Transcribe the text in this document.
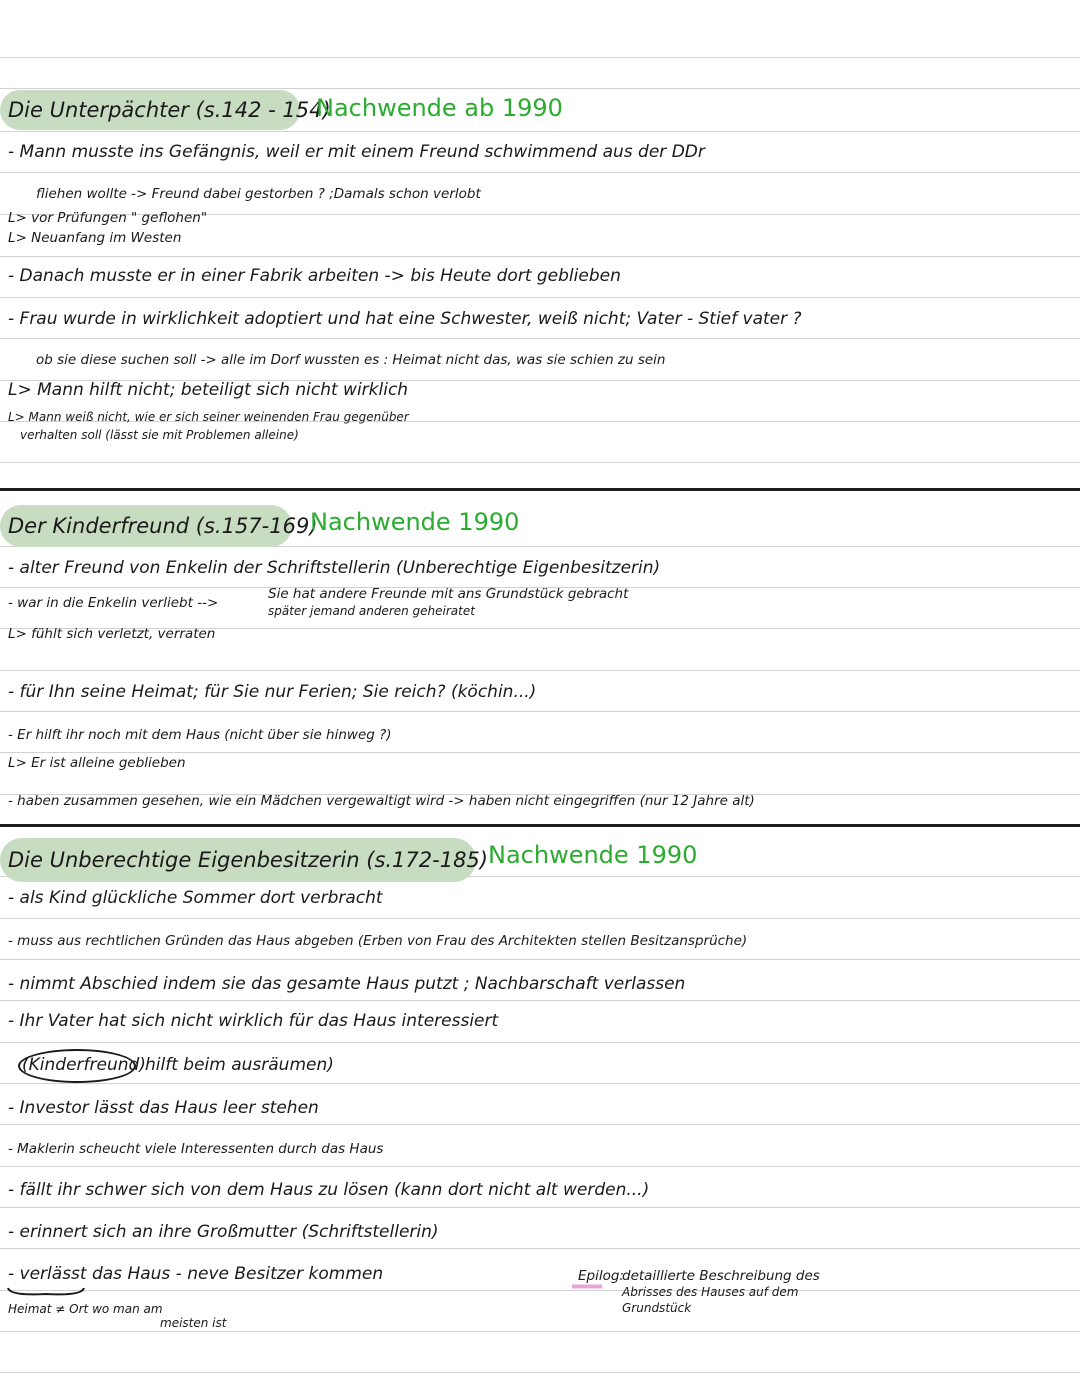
Die Unterpächter (s.142 - 154)
Nachwende ab 1990
- Mann musste ins Gefängnis, weil er mit einem Freund schwimmend aus der DDr
fliehen wollte -> Freund dabei gestorben ? ;Damals schon verlobt
L> vor Prüfungen " geflohen"
L> Neuanfang im Westen
- Danach musste er in einer Fabrik arbeiten -> bis Heute dort geblieben
- Frau wurde in wirklichkeit adoptiert und hat eine Schwester, weiß nicht; Vater - Stief vater ?
ob sie diese suchen soll -> alle im Dorf wussten es : Heimat nicht das, was sie schien zu sein
L> Mann hilft nicht; beteiligt sich nicht wirklich
L> Mann weiß nicht, wie er sich seiner weinenden Frau gegenüber
verhalten soll (lässt sie mit Problemen alleine)
Der Kinderfreund (s.157-169)
Nachwende 1990
- alter Freund von Enkelin der Schriftstellerin (Unberechtige Eigenbesitzerin)
- war in die Enkelin verliebt -->
Sie hat andere Freunde mit ans Grundstück gebracht
später jemand anderen geheiratet
L> fühlt sich verletzt, verraten
- für Ihn seine Heimat; für Sie nur Ferien; Sie reich? (köchin...)
- Er hilft ihr noch mit dem Haus (nicht über sie hinweg ?)
L> Er ist alleine geblieben
- haben zusammen gesehen, wie ein Mädchen vergewaltigt wird -> haben nicht eingegriffen (nur 12 Jahre alt)
Die Unberechtige Eigenbesitzerin (s.172-185) Nachwende 1990
- als Kind glückliche Sommer dort verbracht
- muss aus rechtlichen Gründen das Haus abgeben (Erben von Frau des Architekten stellen Besitzansprüche)
- nimmt Abschied indem sie das gesamte Haus putzt ; Nachbarschaft verlassen
- Ihr Vater hat sich nicht wirklich für das Haus interessiert
(Kinderfreund) hilft beim ausräumen)
- Investor lässt das Haus leer stehen
- Maklerin scheucht viele Interessenten durch das Haus
- fällt ihr schwer sich von dem Haus zu lösen (kann dort nicht alt werden...)
- erinnert sich an ihre Großmutter (Schriftstellerin)
- verlässt das Haus - neve Besitzer kommen
Heimat ≠ Ort wo man am
meisten ist
Epilog:
detaillierte Beschreibung des
Abrisses des Hauses auf dem
Grundstück
